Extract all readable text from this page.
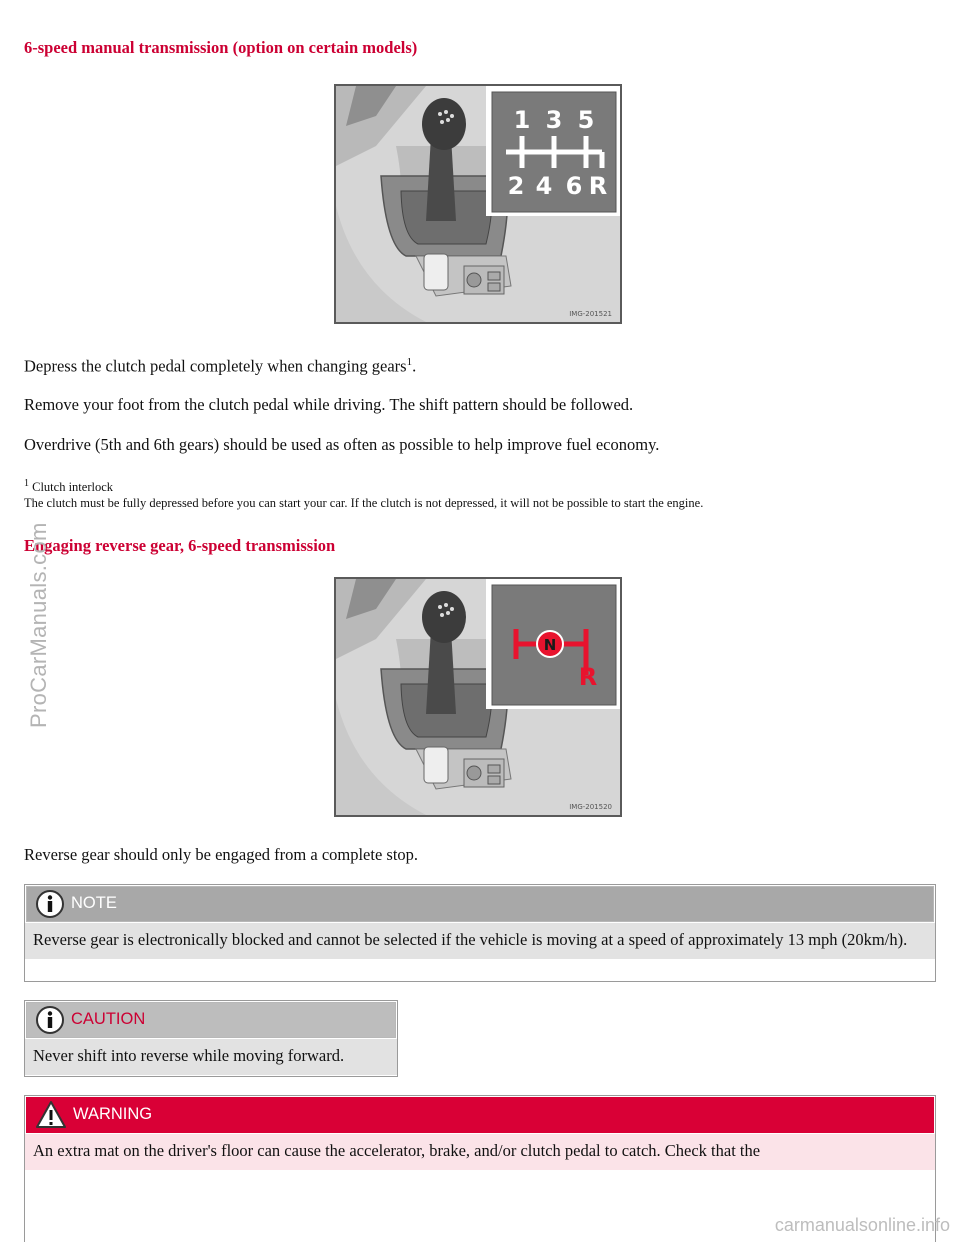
6-speed manual transmission (option on certain models)
1 3 5
2 4 6 R
IMG-201521

Depress the clutch pedal completely when changing gears$^1$.

Remove your foot from the clutch pedal while driving. The shift pattern should be followed.

Overdrive (5th and 6th gears) should be used as often as possible to help improve fuel economy.

$^1$ Clutch interlock
The clutch must be fully depressed before you can start your car. If the clutch is not depressed, it will not be possible to start the engine.
Engaging reverse gear, 6-speed transmission
N
R
IMG-201520

Reverse gear should only be engaged from a complete stop.

NOTE
Reverse gear is electronically blocked and cannot be selected if the vehicle is moving at a speed of approximately 13 mph (20km/h).
CAUTION
Never shift into reverse while moving forward.
WARNING
An extra mat on the driver's floor can cause the accelerator, brake, and/or clutch pedal to catch. Check that the
ProCarManuals.com
carmanualsonline.info
